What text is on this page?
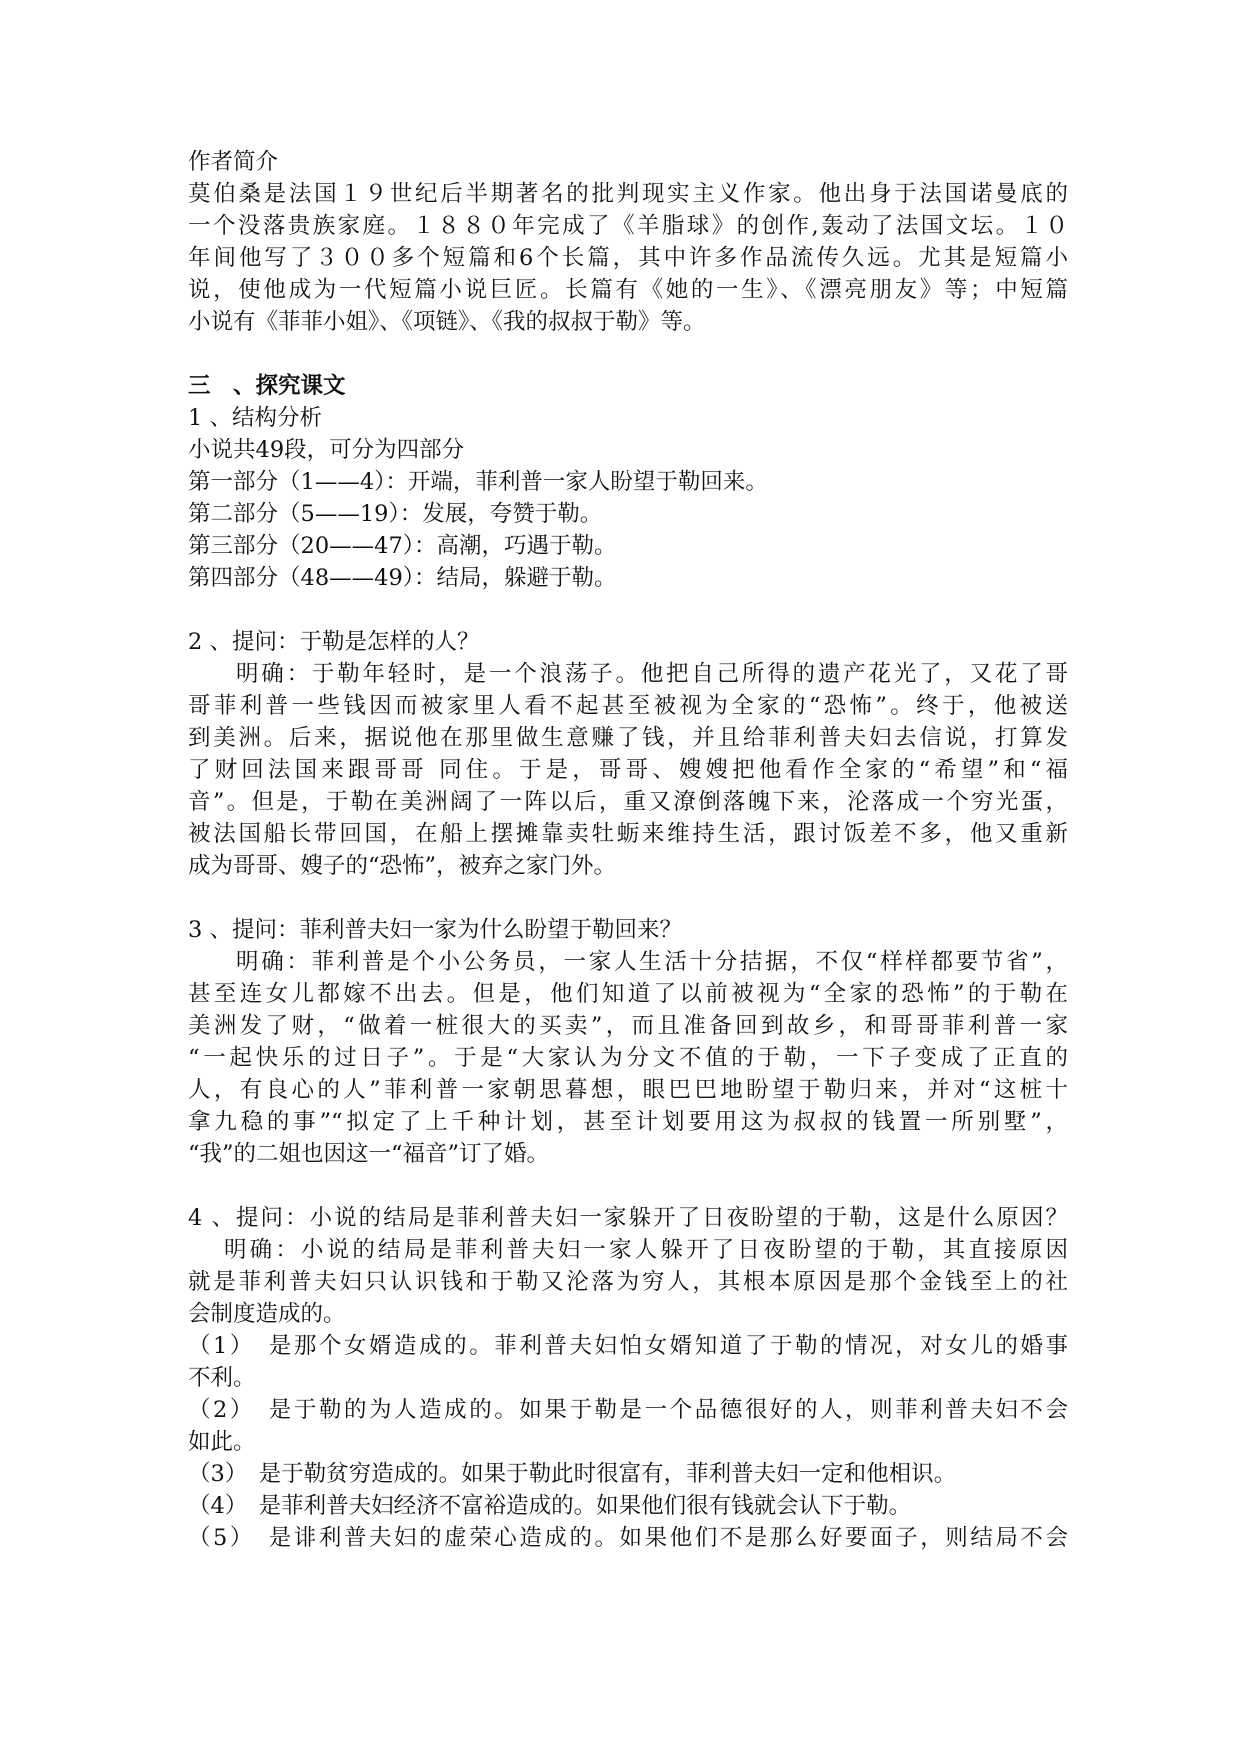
作者简介
莫伯桑是法国１９世纪后半期著名的批判现实主义作家。他出身于法国诺曼底的
一个没落贵族家庭。１８８０年完成了《羊脂球》的创作,轰动了法国文坛。１０
年间他写了３００多个短篇和6个长篇，其中许多作品流传久远。尤其是短篇小
说，使他成为一代短篇小说巨匠。长篇有《她的一生》、《漂亮朋友》等；中短篇
小说有《菲菲小姐》、《项链》、《我的叔叔于勒》等。
三　、探究课文
1 、结构分析
小说共49段，可分为四部分
第一部分（1——4）：开端，菲利普一家人盼望于勒回来。
第二部分（5——19）：发展，夸赞于勒。
第三部分（20——47）：高潮，巧遇于勒。
第四部分（48——49）：结局，躲避于勒。
2 、提问：于勒是怎样的人？
明确：于勒年轻时，是一个浪荡子。他把自己所得的遗产花光了，又花了哥
哥菲利普一些钱因而被家里人看不起甚至被视为全家的“恐怖”。终于，他被送
到美洲。后来，据说他在那里做生意赚了钱，并且给菲利普夫妇去信说，打算发
了财回法国来跟哥哥 同住。于是，哥哥、嫂嫂把他看作全家的“希望”和“福
音”。但是，于勒在美洲阔了一阵以后，重又潦倒落魄下来，沦落成一个穷光蛋，
被法国船长带回国，在船上摆摊靠卖牡蛎来维持生活，跟讨饭差不多，他又重新
成为哥哥、嫂子的“恐怖”，被弃之家门外。
3 、提问：菲利普夫妇一家为什么盼望于勒回来？
明确：菲利普是个小公务员，一家人生活十分拮据，不仅“样样都要节省”，
甚至连女儿都嫁不出去。但是，他们知道了以前被视为“全家的恐怖”的于勒在
美洲发了财，“做着一桩很大的买卖”，而且准备回到故乡，和哥哥菲利普一家
“一起快乐的过日子”。于是“大家认为分文不值的于勒，一下子变成了正直的
人，有良心的人”菲利普一家朝思暮想，眼巴巴地盼望于勒归来，并对“这桩十
拿九稳的事”“拟定了上千种计划，甚至计划要用这为叔叔的钱置一所别墅”，
“我”的二姐也因这一“福音”订了婚。
4 、提问：小说的结局是菲利普夫妇一家躲开了日夜盼望的于勒，这是什么原因？
明确：小说的结局是菲利普夫妇一家人躲开了日夜盼望的于勒，其直接原因
就是菲利普夫妇只认识钱和于勒又沦落为穷人，其根本原因是那个金钱至上的社
会制度造成的。
（1）　是那个女婿造成的。菲利普夫妇怕女婿知道了于勒的情况，对女儿的婚事
不利。
（2）　是于勒的为人造成的。如果于勒是一个品德很好的人，则菲利普夫妇不会
如此。
（3）　是于勒贫穷造成的。如果于勒此时很富有，菲利普夫妇一定和他相识。
（4）　是菲利普夫妇经济不富裕造成的。如果他们很有钱就会认下于勒。
（5）　是诽利普夫妇的虚荣心造成的。如果他们不是那么好要面子，则结局不会
